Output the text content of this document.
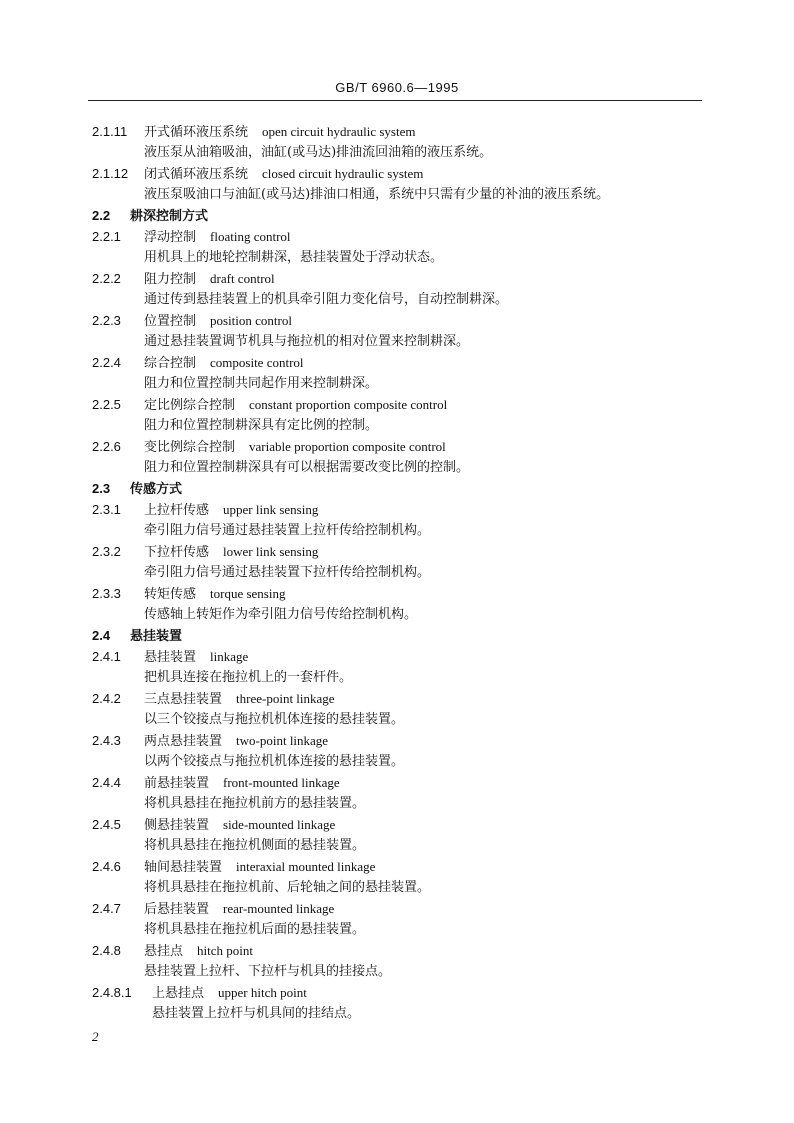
GB/T 6960.6—1995
2.1.11 开式循环液压系统 open circuit hydraulic system
液压泵从油箱吸油，油缸(或马达)排油流回油箱的液压系统。
2.1.12 闭式循环液压系统 closed circuit hydraulic system
液压泵吸油口与油缸(或马达)排油口相通，系统中只需有少量的补油的液压系统。
2.2 耕深控制方式
2.2.1 浮动控制 floating control
用机具上的地轮控制耕深，悬挂装置处于浮动状态。
2.2.2 阻力控制 draft control
通过传到悬挂装置上的机具牵引阻力变化信号，自动控制耕深。
2.2.3 位置控制 position control
通过悬挂装置调节机具与拖拉机的相对位置来控制耕深。
2.2.4 综合控制 composite control
阻力和位置控制共同起作用来控制耕深。
2.2.5 定比例综合控制 constant proportion composite control
阻力和位置控制耕深具有定比例的控制。
2.2.6 变比例综合控制 variable proportion composite control
阻力和位置控制耕深具有可以根据需要改变比例的控制。
2.3 传感方式
2.3.1 上拉杆传感 upper link sensing
牵引阻力信号通过悬挂装置上拉杆传给控制机构。
2.3.2 下拉杆传感 lower link sensing
牵引阻力信号通过悬挂装置下拉杆传给控制机构。
2.3.3 转矩传感 torque sensing
传感轴上转矩作为牵引阻力信号传给控制机构。
2.4 悬挂装置
2.4.1 悬挂装置 linkage
把机具连接在拖拉机上的一套杆件。
2.4.2 三点悬挂装置 three-point linkage
以三个铰接点与拖拉机机体连接的悬挂装置。
2.4.3 两点悬挂装置 two-point linkage
以两个铰接点与拖拉机机体连接的悬挂装置。
2.4.4 前悬挂装置 front-mounted linkage
将机具悬挂在拖拉机前方的悬挂装置。
2.4.5 侧悬挂装置 side-mounted linkage
将机具悬挂在拖拉机侧面的悬挂装置。
2.4.6 轴间悬挂装置 interaxial mounted linkage
将机具悬挂在拖拉机前、后轮轴之间的悬挂装置。
2.4.7 后悬挂装置 rear-mounted linkage
将机具悬挂在拖拉机后面的悬挂装置。
2.4.8 悬挂点 hitch point
悬挂装置上拉杆、下拉杆与机具的挂接点。
2.4.8.1 上悬挂点 upper hitch point
悬挂装置上拉杆与机具间的挂结点。
2
